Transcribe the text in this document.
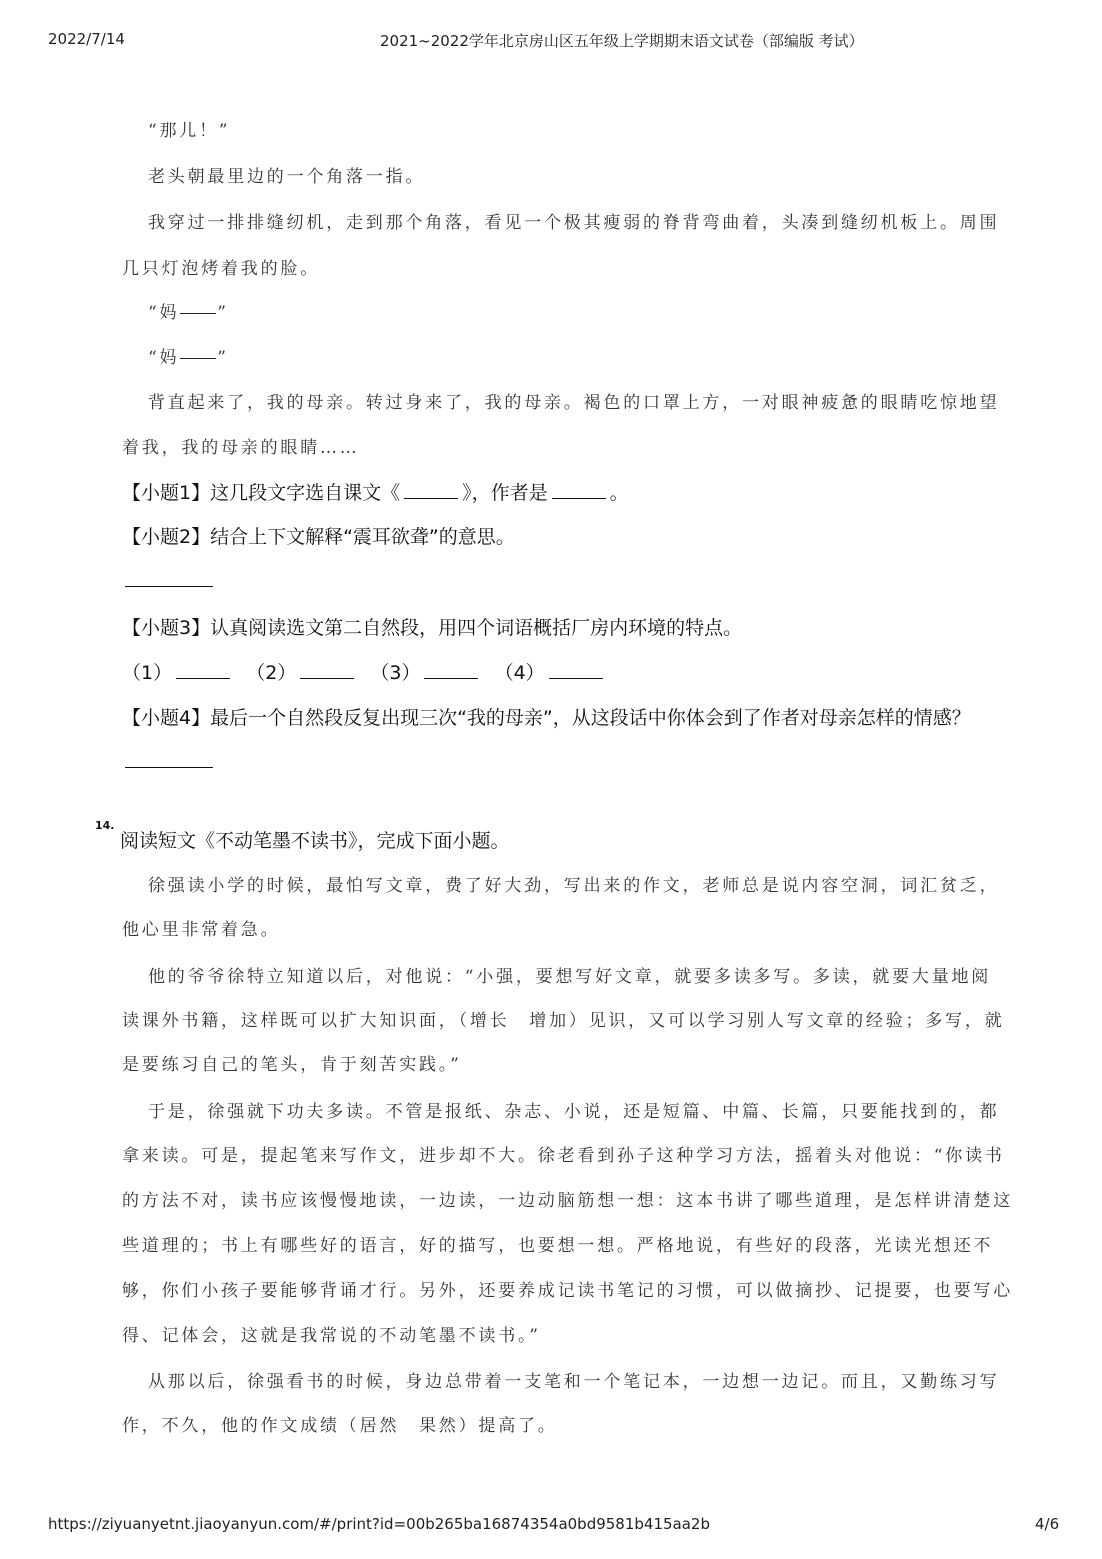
2022/7/14	2021~2022学年北京房山区五年级上学期期末语文试卷（部编版 考试）
“那儿！”
老头朝最里边的一个角落一指。
我穿过一排排缝纫机，走到那个角落，看见一个极其瘦弱的脊背弯曲着，头凑到缝纫机板上。周围
几只灯泡烤着我的脸。
“妈 ”
“妈 ”
背直起来了，我的母亲。转过身来了，我的母亲。褐色的口罩上方，一对眼神疲惫的眼睛吃惊地望
着我，我的母亲的眼睛……
【小题1】这几段文字选自课文《	》，作者是	。
【小题2】结合上下文解释“震耳欲聋”的意思。
【小题3】认真阅读选文第二自然段，用四个词语概括厂房内环境的特点。
（1）	（2）	（3）	（4）
【小题4】最后一个自然段反复出现三次“我的母亲”，从这段话中你体会到了作者对母亲怎样的情感？
14.
阅读短文《不动笔墨不读书》，完成下面小题。
徐强读小学的时候，最怕写文章，费了好大劲，写出来的作文，老师总是说内容空洞，词汇贫乏，
他心里非常着急。
他的爷爷徐特立知道以后，对他说：“小强，要想写好文章，就要多读多写。多读，就要大量地阅
读课外书籍，这样既可以扩大知识面，（增长　增加）见识，又可以学习别人写文章的经验；多写，就
是要练习自己的笔头，肯于刻苦实践。”
于是，徐强就下功夫多读。不管是报纸、杂志、小说，还是短篇、中篇、长篇，只要能找到的，都
拿来读。可是，提起笔来写作文，进步却不大。徐老看到孙子这种学习方法，摇着头对他说：“你读书
的方法不对，读书应该慢慢地读，一边读，一边动脑筋想一想：这本书讲了哪些道理，是怎样讲清楚这
些道理的；书上有哪些好的语言，好的描写，也要想一想。严格地说，有些好的段落，光读光想还不
够，你们小孩子要能够背诵才行。另外，还要养成记读书笔记的习惯，可以做摘抄、记提要，也要写心
得、记体会，这就是我常说的不动笔墨不读书。”
从那以后，徐强看书的时候，身边总带着一支笔和一个笔记本，一边想一边记。而且，又勤练习写
作，不久，他的作文成绩（居然　果然）提高了。
https://ziyuanyetnt.jiaoyanyun.com/#/print?id=00b265ba16874354a0bd9581b415aa2b	4/6
